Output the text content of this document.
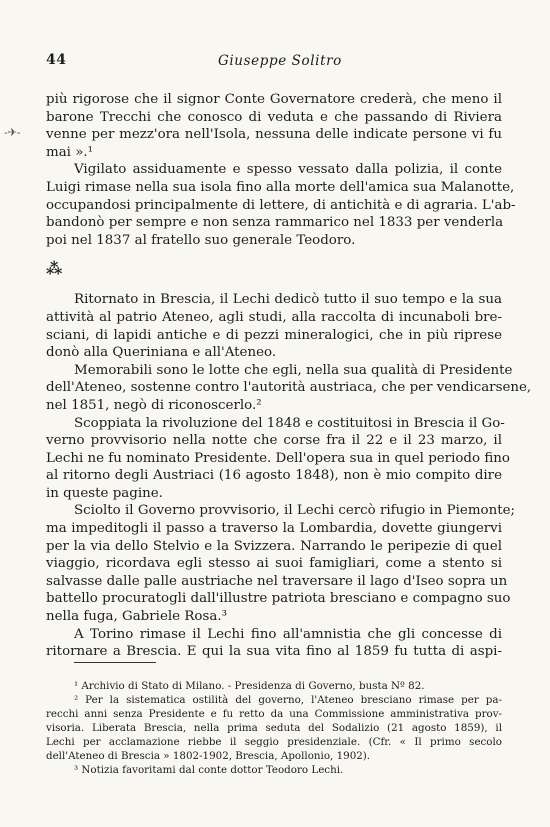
44	Giuseppe Solitro
-✈-
più rigorose che il signor Conte Governatore crederà, che meno il
barone Trecchi che conosco di veduta e che passando di Riviera
venne per mezz'ora nell'Isola, nessuna delle indicate persone vi fu
mai ».¹
Vigilato assiduamente e spesso vessato dalla polizia, il conte
Luigi rimase nella sua isola fino alla morte dell'amica sua Malanotte,
occupandosi principalmente di lettere, di antichità e di agraria. L'ab-
bandonò per sempre e non senza rammarico nel 1833 per venderla
poi nel 1837 al fratello suo generale Teodoro.
⁂
Ritornato in Brescia, il Lechi dedicò tutto il suo tempo e la sua
attività al patrio Ateneo, agli studi, alla raccolta di incunaboli bre-
sciani, di lapidi antiche e di pezzi mineralogici, che in più riprese
donò alla Queriniana e all'Ateneo.
Memorabili sono le lotte che egli, nella sua qualità di Presidente
dell'Ateneo, sostenne contro l'autorità austriaca, che per vendicarsene,
nel 1851, negò di riconoscerlo.²
Scoppiata la rivoluzione del 1848 e costituitosi in Brescia il Go-
verno provvisorio nella notte che corse fra il 22 e il 23 marzo, il
Lechi ne fu nominato Presidente. Dell'opera sua in quel periodo fino
al ritorno degli Austriaci (16 agosto 1848), non è mio compito dire
in queste pagine.
Sciolto il Governo provvisorio, il Lechi cercò rifugio in Piemonte;
ma impeditogli il passo a traverso la Lombardia, dovette giungervi
per la via dello Stelvio e la Svizzera. Narrando le peripezie di quel
viaggio, ricordava egli stesso ai suoi famigliari, come a stento si
salvasse dalle palle austriache nel traversare il lago d'Iseo sopra un
battello procuratogli dall'illustre patriota bresciano e compagno suo
nella fuga, Gabriele Rosa.³
A Torino rimase il Lechi fino all'amnistia che gli concesse di
ritornare a Brescia. E qui la sua vita fino al 1859 fu tutta di aspi-
¹ Archivio di Stato di Milano. - Presidenza di Governo, busta Nº 82.
² Per la sistematica ostilità del governo, l'Ateneo bresciano rimase per pa-
recchi anni senza Presidente e fu retto da una Commissione amministrativa prov-
visoria. Liberata Brescia, nella prima seduta del Sodalizio (21 agosto 1859), il
Lechi per acclamazione riebbe il seggio presidenziale. (Cfr. « Il primo secolo
dell'Ateneo di Brescia » 1802-1902, Brescia, Apollonio, 1902).
³ Notizia favoritami dal conte dottor Teodoro Lechi.
